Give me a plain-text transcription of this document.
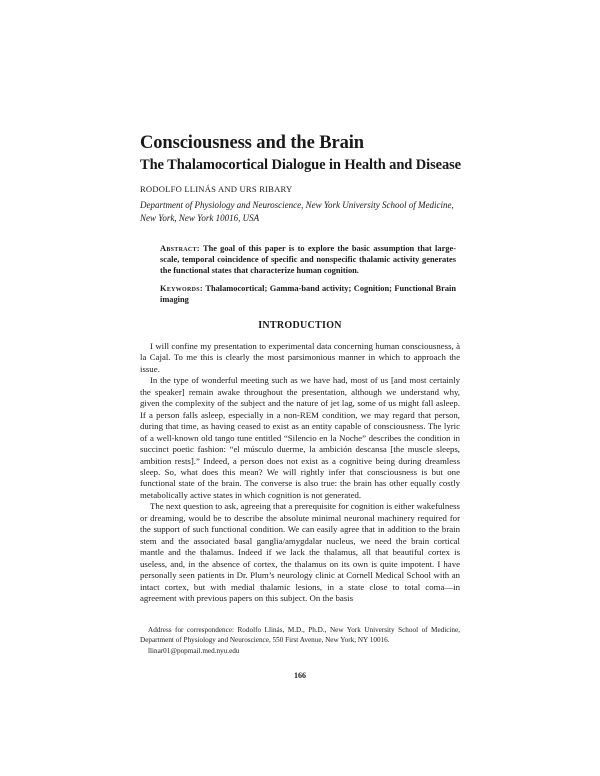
Consciousness and the Brain
The Thalamocortical Dialogue in Health and Disease

RODOLFO LLINÁS AND URS RIBARY

Department of Physiology and Neuroscience, New York University School of Medicine, New York, New York 10016, USA

Abstract: The goal of this paper is to explore the basic assumption that large-scale, temporal coincidence of specific and nonspecific thalamic activity generates the functional states that characterize human cognition.

Keywords: Thalamocortical; Gamma-band activity; Cognition; Functional Brain imaging

INTRODUCTION

I will confine my presentation to experimental data concerning human consciousness, à la Cajal. To me this is clearly the most parsimonious manner in which to approach the issue.

In the type of wonderful meeting such as we have had, most of us [and most certainly the speaker] remain awake throughout the presentation, although we understand why, given the complexity of the subject and the nature of jet lag, some of us might fall asleep. If a person falls asleep, especially in a non-REM condition, we may regard that person, during that time, as having ceased to exist as an entity capable of consciousness. The lyric of a well-known old tango tune entitled “Silencio en la Noche” describes the condition in succinct poetic fashion: “el músculo duerme, la ambición descansa [the muscle sleeps, ambition rests].” Indeed, a person does not exist as a cognitive being during dreamless sleep. So, what does this mean? We will rightly infer that consciousness is but one functional state of the brain. The converse is also true: the brain has other equally costly metabolically active states in which cognition is not generated.

The next question to ask, agreeing that a prerequisite for cognition is either wakefulness or dreaming, would be to describe the absolute minimal neuronal machinery required for the support of such functional condition. We can easily agree that in addition to the brain stem and the associated basal ganglia/amygdalar nucleus, we need the brain cortical mantle and the thalamus. Indeed if we lack the thalamus, all that beautiful cortex is useless, and, in the absence of cortex, the thalamus on its own is quite impotent. I have personally seen patients in Dr. Plum’s neurology clinic at Cornell Medical School with an intact cortex, but with medial thalamic lesions, in a state close to total coma—in agreement with previous papers on this subject. On the basis

Address for correspondence: Rodolfo Llinás, M.D., Ph.D., New York University School of Medicine, Department of Physiology and Neuroscience, 550 First Avenue, New York, NY 10016.

llinar01@popmail.med.nyu.edu

166
